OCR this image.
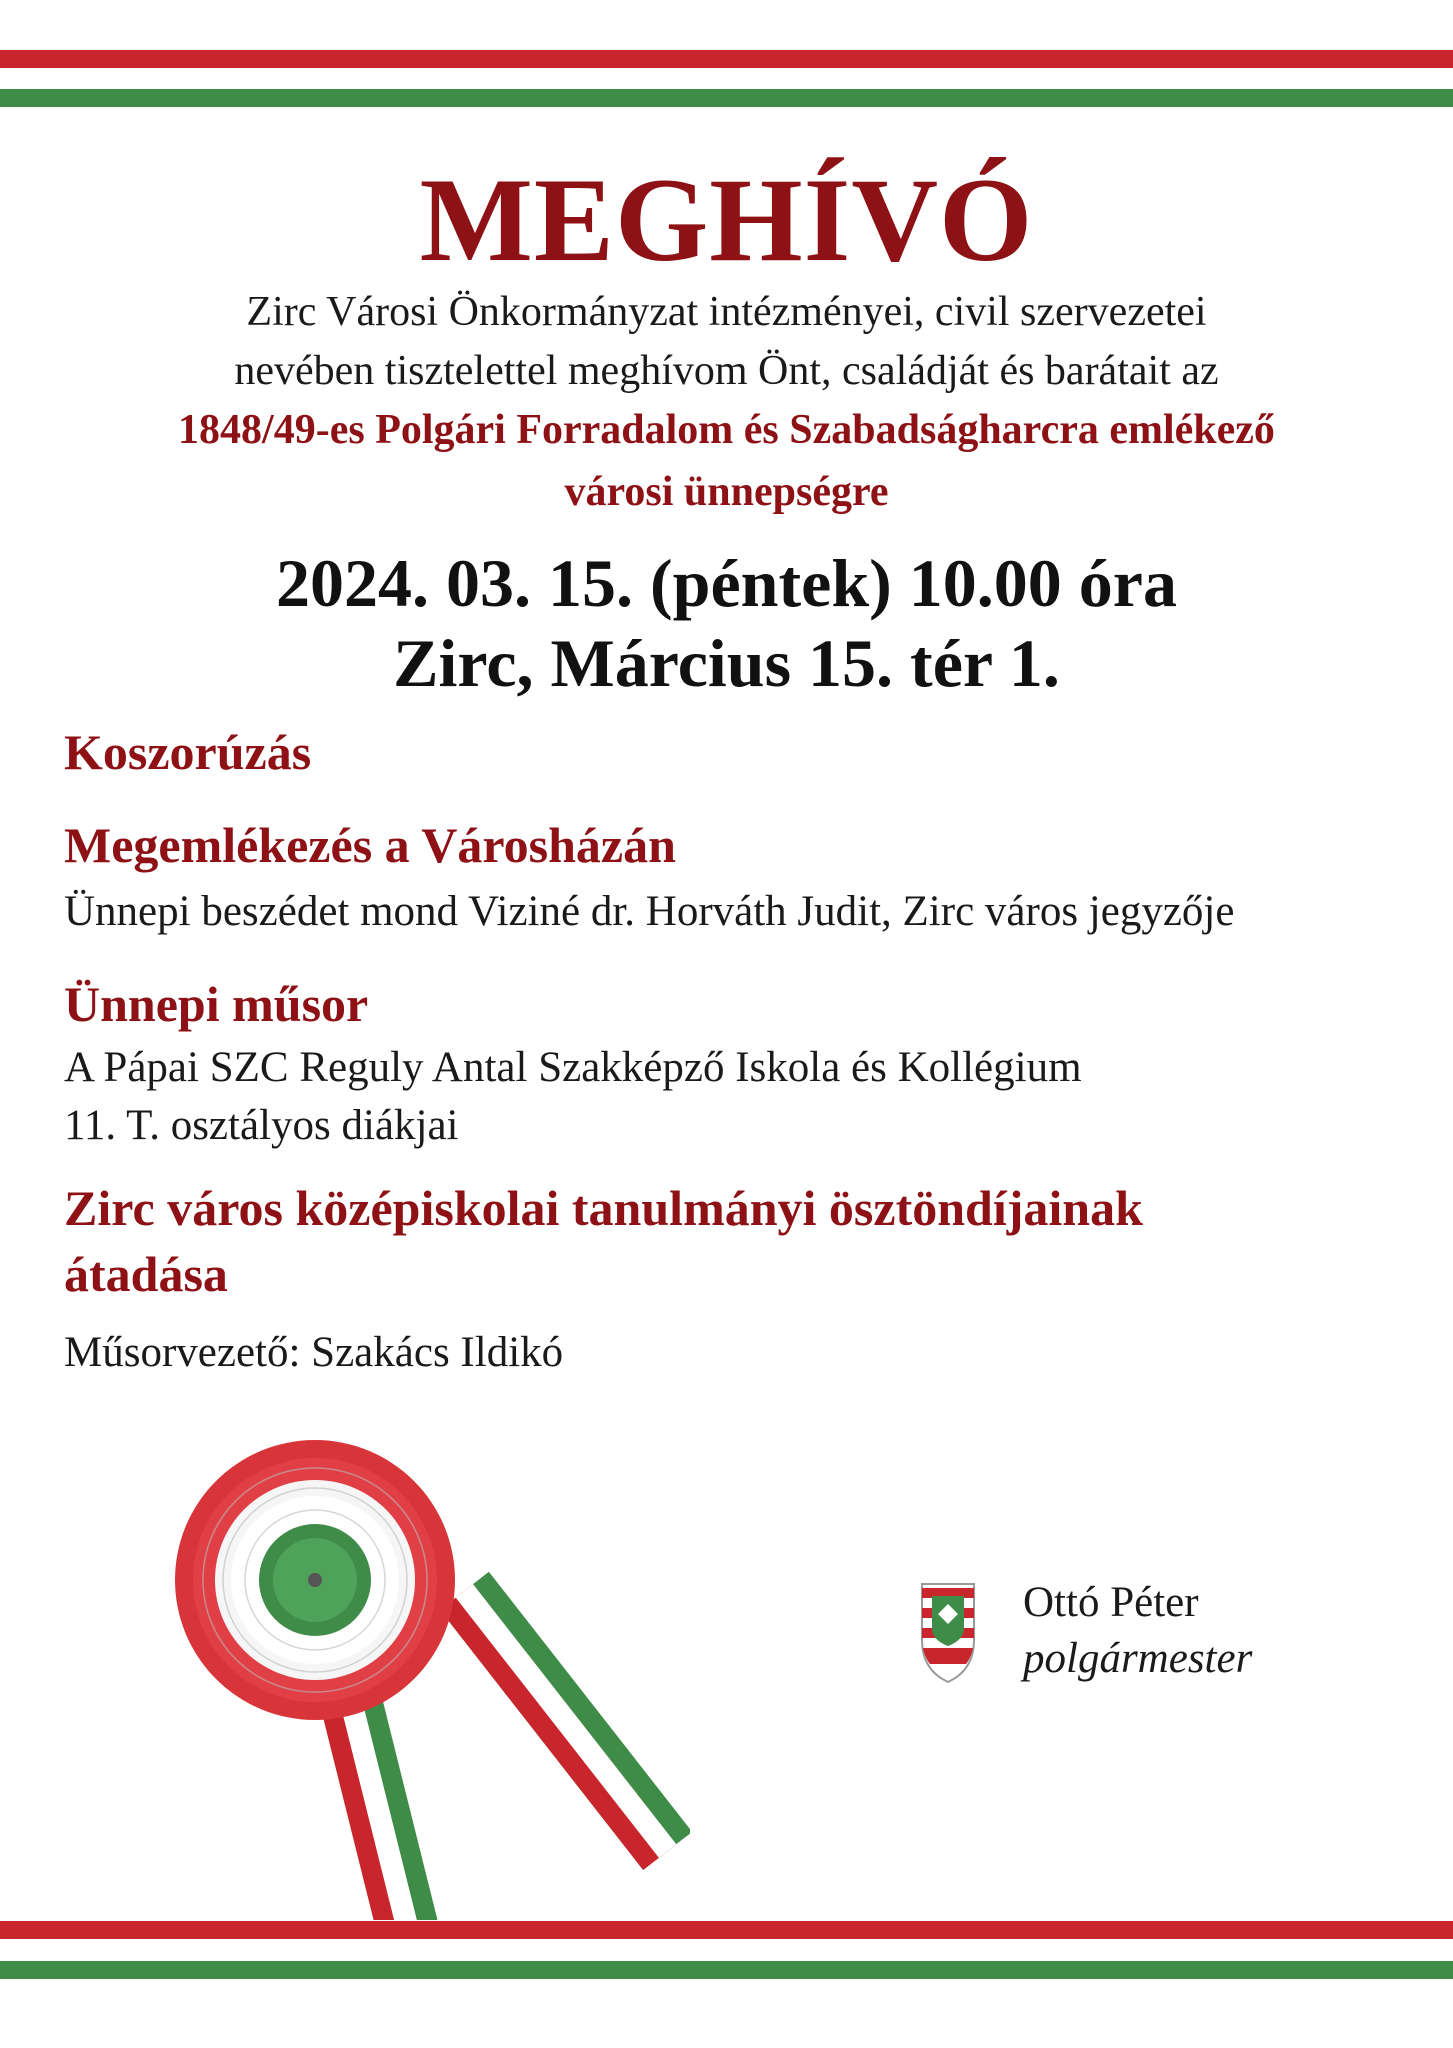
MEGHÍVÓ
Zirc Városi Önkormányzat intézményei, civil szervezetei
nevében tisztelettel meghívom Önt, családját és barátait az
1848/49-es Polgári Forradalom és Szabadságharcra emlékező
városi ünnepségre
2024. 03. 15. (péntek) 10.00 óra
Zirc, Március 15. tér 1.
Koszorúzás
Megemlékezés a Városházán
Ünnepi beszédet mond Viziné dr. Horváth Judit, Zirc város jegyzője
Ünnepi műsor
A Pápai SZC Reguly Antal Szakképző Iskola és Kollégium
11. T. osztályos diákjai
Zirc város középiskolai tanulmányi ösztöndíjainak
átadása
Műsorvezető: Szakács Ildikó
Ottó Péter
polgármester
